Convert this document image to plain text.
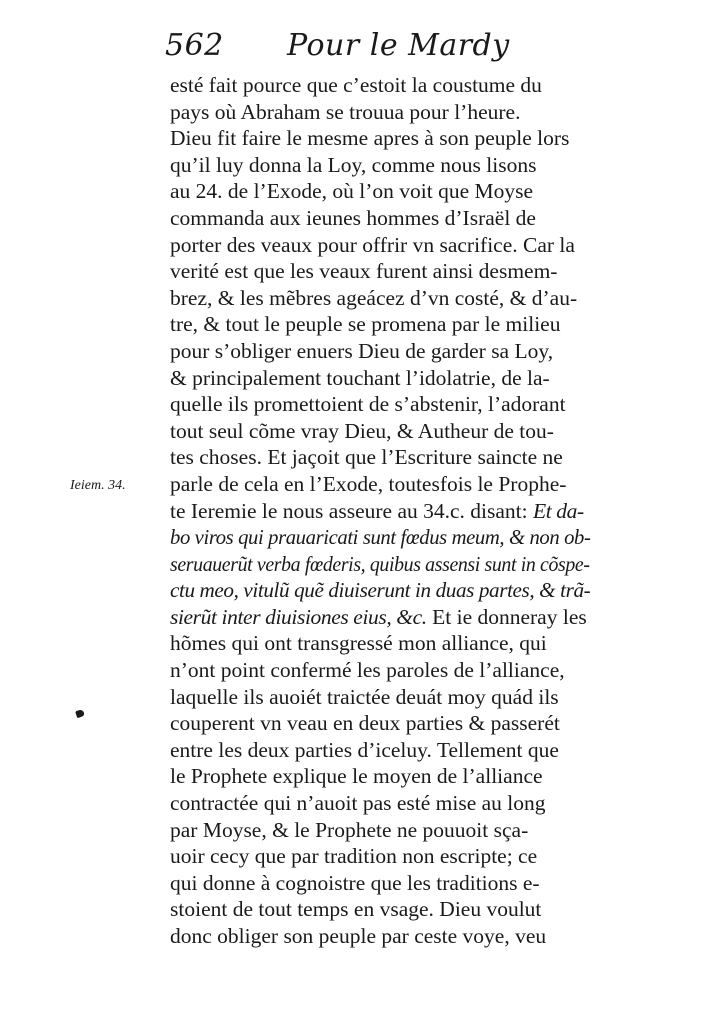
562 Pour le Mardy
Ieiem. 34.
esté fait pource que c’estoit la coustume du
pays où Abraham se trouua pour l’heure.
Dieu fit faire le mesme apres à son peuple lors
qu’il luy donna la Loy, comme nous lisons
au 24. de l’Exode, où l’on voit que Moyse
commanda aux ieunes hommes d’Israël de
porter des veaux pour offrir vn sacrifice. Car la
verité est que les veaux furent ainsi desmem-
brez, & les mẽbres ageácez d’vn costé, & d’au-
tre, & tout le peuple se promena par le milieu
pour s’obliger enuers Dieu de garder sa Loy,
& principalement touchant l’idolatrie, de la-
quelle ils promettoient de s’abstenir, l’adorant
tout seul cõme vray Dieu, & Autheur de tou-
tes choses. Et jaçoit que l’Escriture saincte ne
parle de cela en l’Exode, toutesfois le Prophe-
te Ieremie le nous asseure au 34.c. disant: Et da-
bo viros qui prauaricati sunt fœdus meum, & non ob-
seruauerũt verba fœderis, quibus assensi sunt in cõspe-
ctu meo, vitulũ quẽ diuiserunt in duas partes, & trã-
sierũt inter diuisiones eius, &c. Et ie donneray les
hõmes qui ont transgressé mon alliance, qui
n’ont point confermé les paroles de l’alliance,
laquelle ils auoiét traictée deuát moy quád ils
couperent vn veau en deux parties & passerét
entre les deux parties d’iceluy. Tellement que
le Prophete explique le moyen de l’alliance
contractée qui n’auoit pas esté mise au long
par Moyse, & le Prophete ne pouuoit sça-
uoir cecy que par tradition non escripte; ce
qui donne à cognoistre que les traditions e-
stoient de tout temps en vsage. Dieu voulut
donc obliger son peuple par ceste voye, veu
